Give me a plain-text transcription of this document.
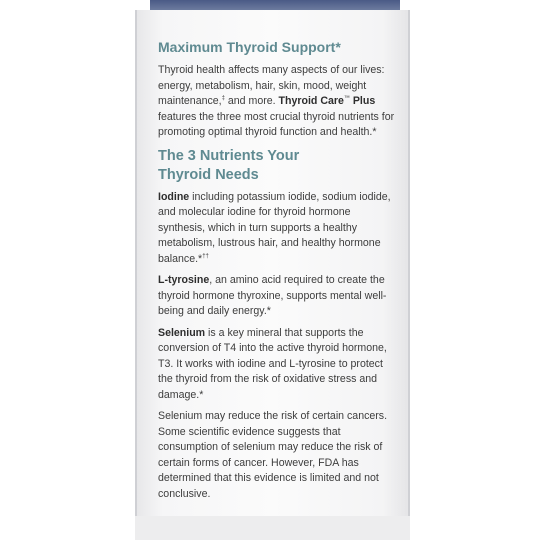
Maximum Thyroid Support*

Thyroid health affects many aspects of our lives: energy, metabolism, hair, skin, mood, weight maintenance,‡ and more. Thyroid Care™ Plus features the three most crucial thyroid nutrients for promoting optimal thyroid function and health.*

The 3 Nutrients Your
Thyroid Needs

Iodine including potassium iodide, sodium iodide, and molecular iodine for thyroid hormone synthesis, which in turn supports a healthy metabolism, lustrous hair, and healthy hormone balance.*††

L-tyrosine, an amino acid required to create the thyroid hormone thyroxine, supports mental well-being and daily energy.*

Selenium is a key mineral that supports the conversion of T4 into the active thyroid hormone, T3. It works with iodine and L-tyrosine to protect the thyroid from the risk of oxidative stress and damage.*

Selenium may reduce the risk of certain cancers. Some scientific evidence suggests that consumption of selenium may reduce the risk of certain forms of cancer. However, FDA has determined that this evidence is limited and not conclusive.
